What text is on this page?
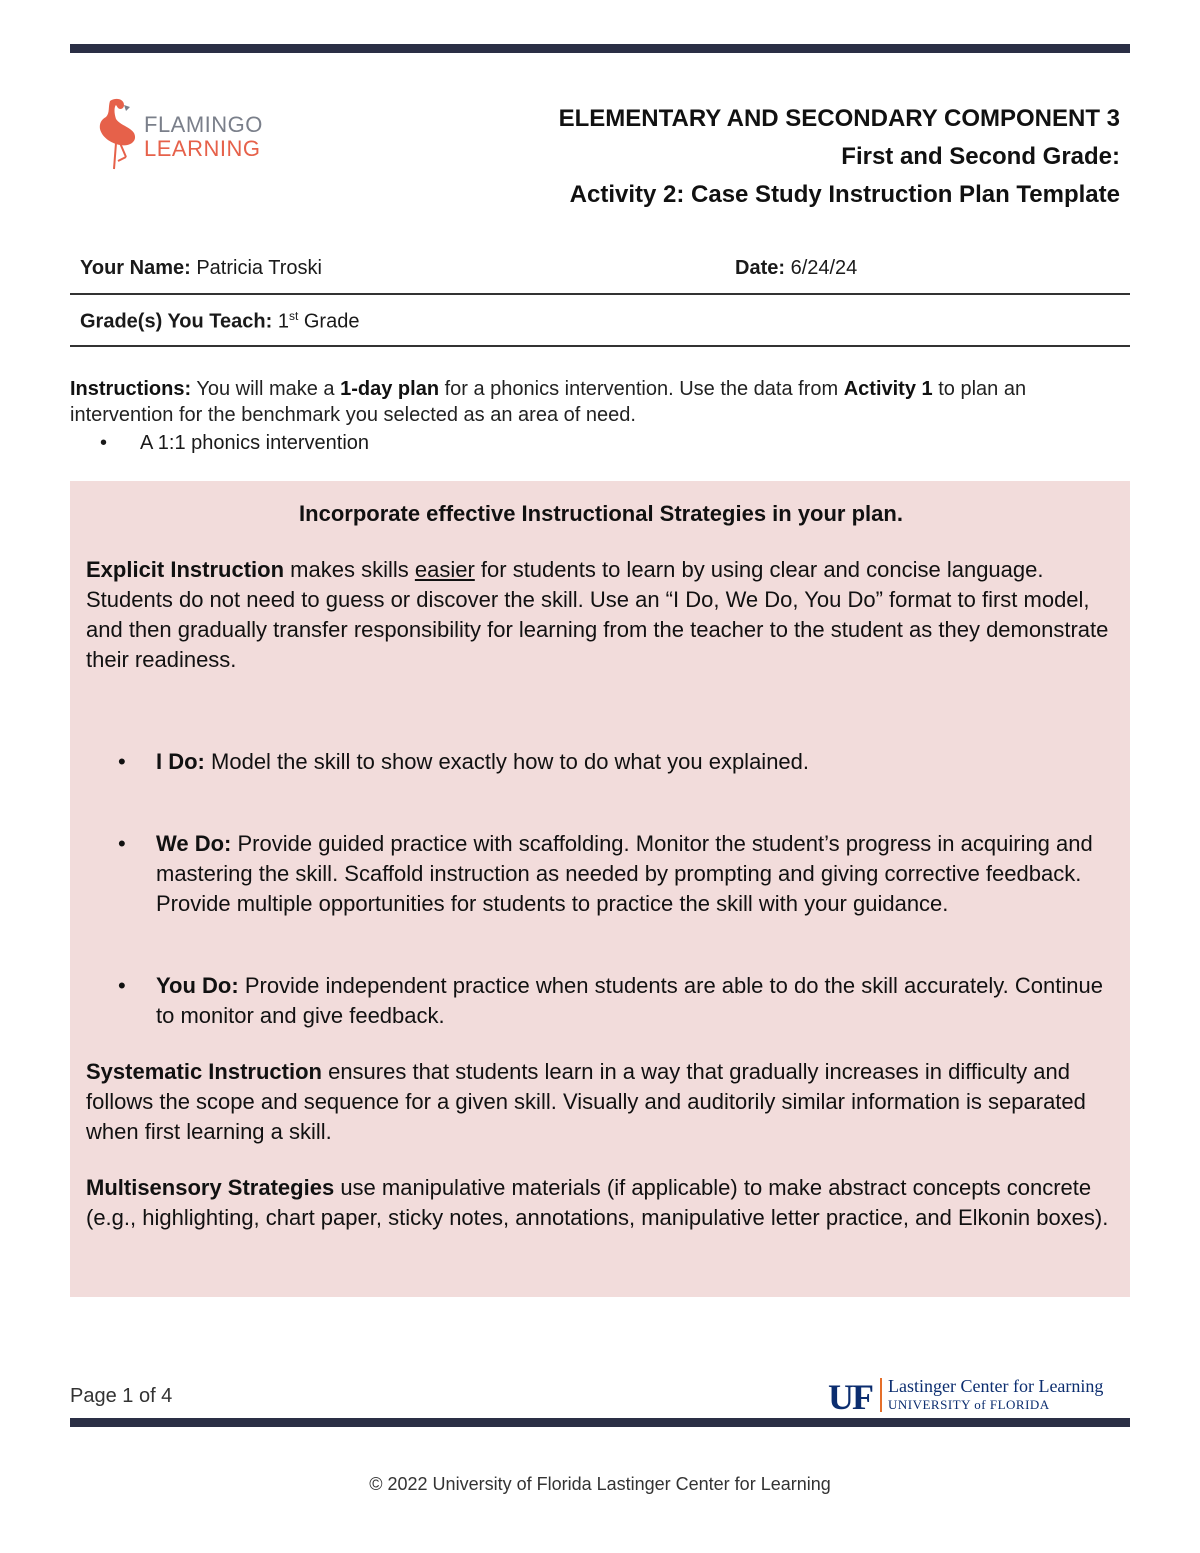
FLAMINGO
LEARNING
ELEMENTARY AND SECONDARY COMPONENT 3
First and Second Grade:
Activity 2: Case Study Instruction Plan Template
Your Name: Patricia Troski	Date: 6/24/24
Grade(s) You Teach: 1st Grade
Instructions: You will make a 1-day plan for a phonics intervention. Use the data from Activity 1 to plan an intervention for the benchmark you selected as an area of need.
• A 1:1 phonics intervention
Incorporate effective Instructional Strategies in your plan.
Explicit Instruction makes skills easier for students to learn by using clear and concise language. Students do not need to guess or discover the skill. Use an “I Do, We Do, You Do” format to first model, and then gradually transfer responsibility for learning from the teacher to the student as they demonstrate their readiness.
• I Do: Model the skill to show exactly how to do what you explained.
• We Do: Provide guided practice with scaffolding. Monitor the student’s progress in acquiring and mastering the skill. Scaffold instruction as needed by prompting and giving corrective feedback. Provide multiple opportunities for students to practice the skill with your guidance.
• You Do: Provide independent practice when students are able to do the skill accurately. Continue to monitor and give feedback.
Systematic Instruction ensures that students learn in a way that gradually increases in difficulty and follows the scope and sequence for a given skill. Visually and auditorily similar information is separated when first learning a skill.
Multisensory Strategies use manipulative materials (if applicable) to make abstract concepts concrete (e.g., highlighting, chart paper, sticky notes, annotations, manipulative letter practice, and Elkonin boxes).
Page 1 of 4	UF Lastinger Center for Learning
UNIVERSITY of FLORIDA
© 2022 University of Florida Lastinger Center for Learning
